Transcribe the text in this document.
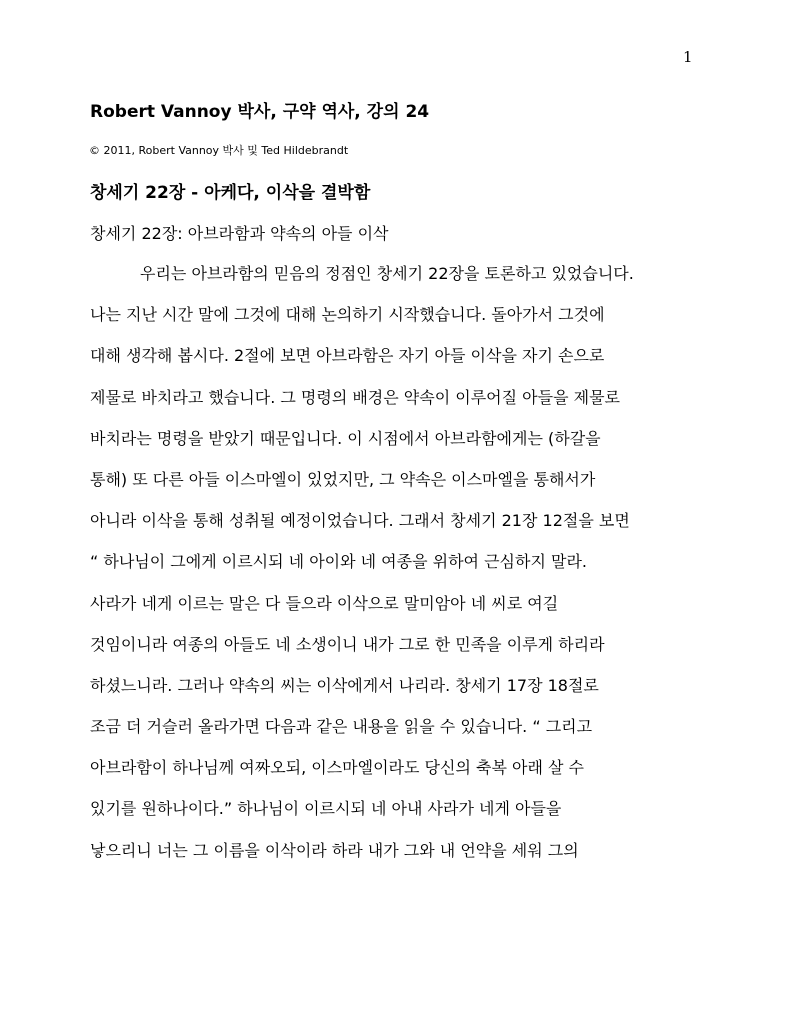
1
Robert Vannoy 박사, 구약 역사, 강의 24
© 2011, Robert Vannoy 박사 및 Ted Hildebrandt
창세기 22장 - 아케다, 이삭을 결박함
창세기 22장: 아브라함과 약속의 아들 이삭
우리는 아브라함의 믿음의 정점인 창세기 22장을 토론하고 있었습니다.
나는 지난 시간 말에 그것에 대해 논의하기 시작했습니다. 돌아가서 그것에
대해 생각해 봅시다. 2절에 보면 아브라함은 자기 아들 이삭을 자기 손으로
제물로 바치라고 했습니다. 그 명령의 배경은 약속이 이루어질 아들을 제물로
바치라는 명령을 받았기 때문입니다. 이 시점에서 아브라함에게는 (하갈을
통해) 또 다른 아들 이스마엘이 있었지만, 그 약속은 이스마엘을 통해서가
아니라 이삭을 통해 성취될 예정이었습니다. 그래서 창세기 21장 12절을 보면
“ 하나님이 그에게 이르시되 네 아이와 네 여종을 위하여 근심하지 말라.
사라가 네게 이르는 말은 다 들으라 이삭으로 말미암아 네 씨로 여길
것임이니라 여종의 아들도 네 소생이니 내가 그로 한 민족을 이루게 하리라
하셨느니라. 그러나 약속의 씨는 이삭에게서 나리라. 창세기 17장 18절로
조금 더 거슬러 올라가면 다음과 같은 내용을 읽을 수 있습니다. “ 그리고
아브라함이 하나님께 여짜오되, 이스마엘이라도 당신의 축복 아래 살 수
있기를 원하나이다.” 하나님이 이르시되 네 아내 사라가 네게 아들을
낳으리니 너는 그 이름을 이삭이라 하라 내가 그와 내 언약을 세워 그의
